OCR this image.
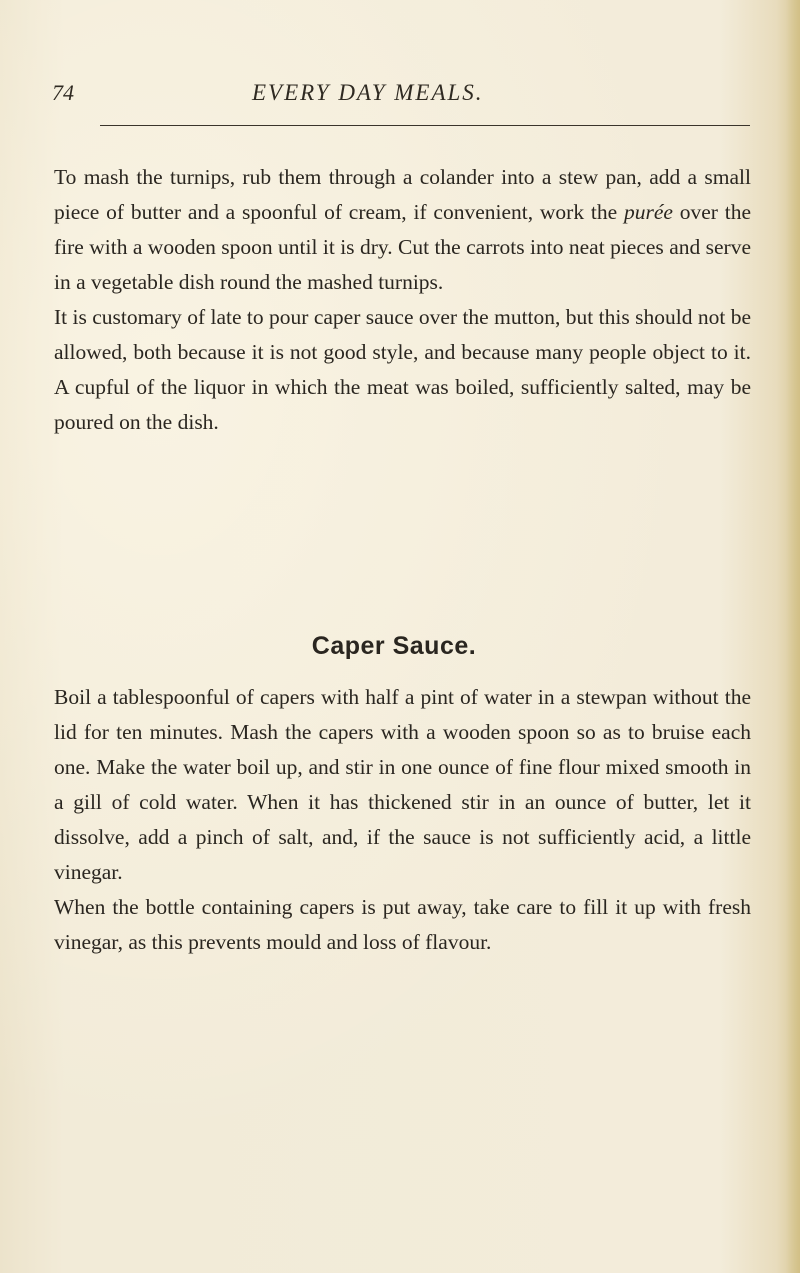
74	EVERY DAY MEALS.

To mash the turnips, rub them through a colander into a stew pan, add a small piece of butter and a spoonful of cream, if convenient, work the purée over the fire with a wooden spoon until it is dry. Cut the carrots into neat pieces and serve in a vegetable dish round the mashed turnips.

It is customary of late to pour caper sauce over the mutton, but this should not be allowed, both because it is not good style, and because many people object to it. A cupful of the liquor in which the meat was boiled, sufficiently salted, may be poured on the dish.

Caper Sauce.

Boil a tablespoonful of capers with half a pint of water in a stewpan without the lid for ten minutes. Mash the capers with a wooden spoon so as to bruise each one. Make the water boil up, and stir in one ounce of fine flour mixed smooth in a gill of cold water. When it has thickened stir in an ounce of butter, let it dissolve, add a pinch of salt, and, if the sauce is not sufficiently acid, a little vinegar.

When the bottle containing capers is put away, take care to fill it up with fresh vinegar, as this prevents mould and loss of flavour.
